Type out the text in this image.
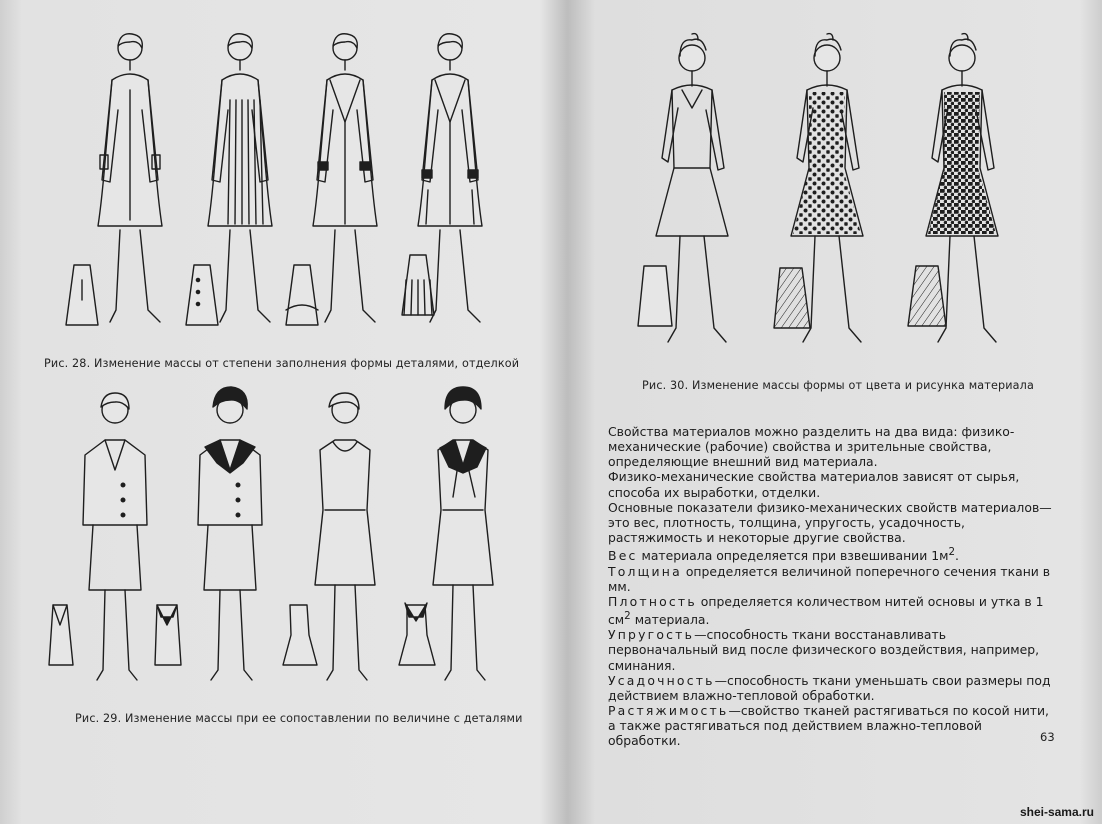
Рис. 28. Изменение массы от степени заполнения формы деталями, отделкой
Рис. 29. Изменение массы при ее сопоставлении по величине с деталями
Рис. 30. Изменение массы формы от цвета и рисунка материала

Свойства материалов можно разделить на два вида: физико-механические (рабочие) свойства и зрительные свойства, определяющие внешний вид материала.

Физико-механические свойства материалов зависят от сырья, способа их выработки, отделки.

Основные показатели физико-механических свойств материалов—это вес, плотность, толщина, упругость, усадочность, растяжимость и некоторые другие свойства.

Вес материала определяется при взвешивании $1м^2$.

Толщина определяется величиной поперечного сечения ткани в мм.

Плотность определяется количеством нитей основы и утка в 1 $см^2$ материала.

Упругость—способность ткани восстанавливать первоначальный вид после физического воздействия, например, сминания.

Усадочность—способность ткани уменьшать свои размеры под действием влажно-тепловой обработки.

Растяжимость—свойство тканей растягиваться по косой нити, а также растягиваться под действием влажно-тепловой обработки.	63
shei-sama.ru
